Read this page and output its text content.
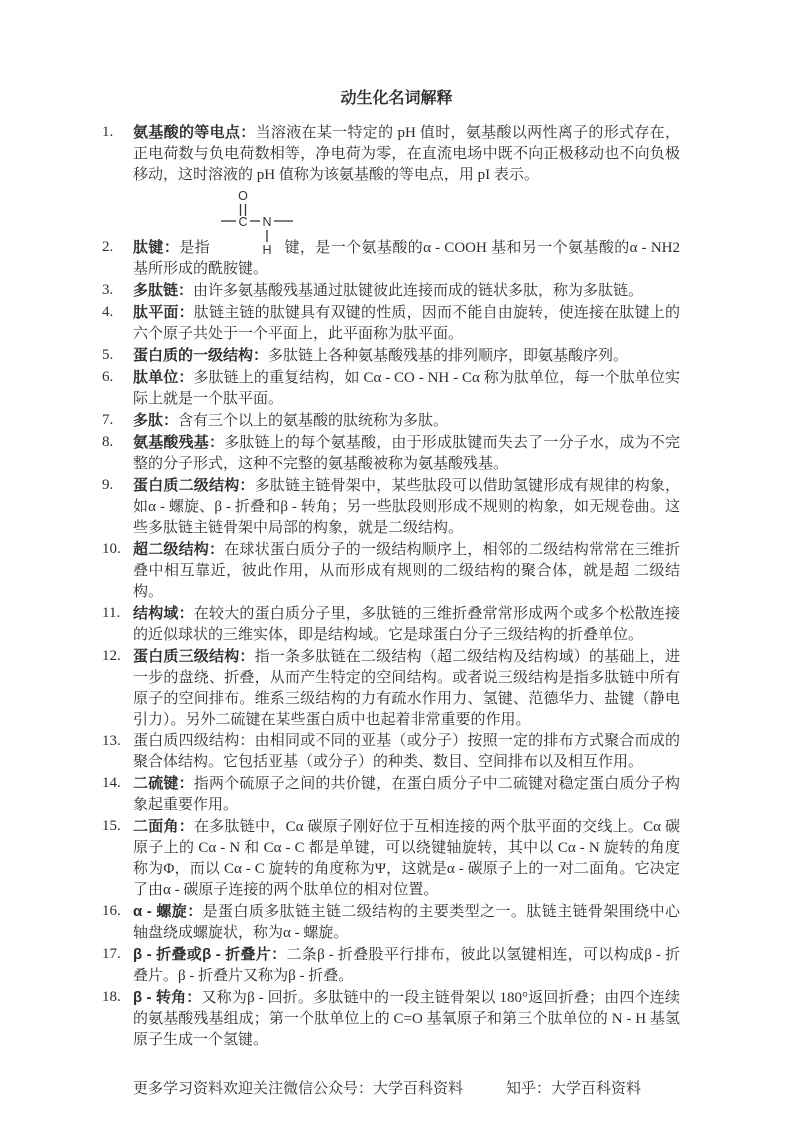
动生化名词解释
1.	氨基酸的等电点：当溶液在某一特定的 pH 值时，氨基酸以两性离子的形式存在，正电荷数与负电荷数相等，净电荷为零，在直流电场中既不向正极移动也不向负极移动，这时溶液的 pH 值称为该氨基酸的等电点，用 pI 表示。
2.
O
C N
H
肽键：是指	键，是一个氨基酸的α - COOH 基和另一个氨基酸的α - NH2 基所形成的酰胺键。
3.	多肽链：由许多氨基酸残基通过肽键彼此连接而成的链状多肽，称为多肽链。
4.	肽平面：肽链主链的肽键具有双键的性质，因而不能自由旋转，使连接在肽键上的六个原子共处于一个平面上，此平面称为肽平面。
5.	蛋白质的一级结构：多肽链上各种氨基酸残基的排列顺序，即氨基酸序列。
6.	肽单位：多肽链上的重复结构，如 Cα - CO - NH - Cα 称为肽单位，每一个肽单位实际上就是一个肽平面。
7.	多肽：含有三个以上的氨基酸的肽统称为多肽。
8.	氨基酸残基：多肽链上的每个氨基酸，由于形成肽键而失去了一分子水，成为不完整的分子形式，这种不完整的氨基酸被称为氨基酸残基。
9.	蛋白质二级结构：多肽链主链骨架中，某些肽段可以借助氢键形成有规律的构象，如α - 螺旋、β - 折叠和β - 转角；另一些肽段则形成不规则的构象，如无规卷曲。这些多肽链主链骨架中局部的构象，就是二级结构。
10. 超二级结构：在球状蛋白质分子的一级结构顺序上，相邻的二级结构常常在三维折叠中相互靠近，彼此作用，从而形成有规则的二级结构的聚合体，就是超 二级结构。
11. 结构域：在较大的蛋白质分子里，多肽链的三维折叠常常形成两个或多个松散连接的近似球状的三维实体，即是结构域。它是球蛋白分子三级结构的折叠单位。
12. 蛋白质三级结构：指一条多肽链在二级结构（超二级结构及结构域）的基础上，进一步的盘绕、折叠，从而产生特定的空间结构。或者说三级结构是指多肽链中所有原子的空间排布。维系三级结构的力有疏水作用力、氢键、范德华力、盐键（静电引力）。另外二硫键在某些蛋白质中也起着非常重要的作用。
13. 蛋白质四级结构：由相同或不同的亚基（或分子）按照一定的排布方式聚合而成的聚合体结构。它包括亚基（或分子）的种类、数目、空间排布以及相互作用。
14. 二硫键：指两个硫原子之间的共价键，在蛋白质分子中二硫键对稳定蛋白质分子构象起重要作用。
15. 二面角：在多肽链中，Cα 碳原子刚好位于互相连接的两个肽平面的交线上。Cα 碳原子上的 Cα - N 和 Cα - C 都是单键，可以绕键轴旋转，其中以 Cα - N 旋转的角度称为Φ，而以 Cα - C 旋转的角度称为Ψ，这就是α - 碳原子上的一对二面角。它决定了由α - 碳原子连接的两个肽单位的相对位置。
16. α - 螺旋：是蛋白质多肽链主链二级结构的主要类型之一。肽链主链骨架围绕中心轴盘绕成螺旋状，称为α - 螺旋。
17. β - 折叠或β - 折叠片：二条β - 折叠股平行排布，彼此以氢键相连，可以构成β - 折叠片。β - 折叠片又称为β - 折叠。
18. β - 转角：又称为β - 回折。多肽链中的一段主链骨架以 180°返回折叠；由四个连续的氨基酸残基组成；第一个肽单位上的 C=O 基氧原子和第三个肽单位的 N - H 基氢原子生成一个氢键。
更多学习资料欢迎关注微信公众号：大学百科资料	知乎：大学百科资料
